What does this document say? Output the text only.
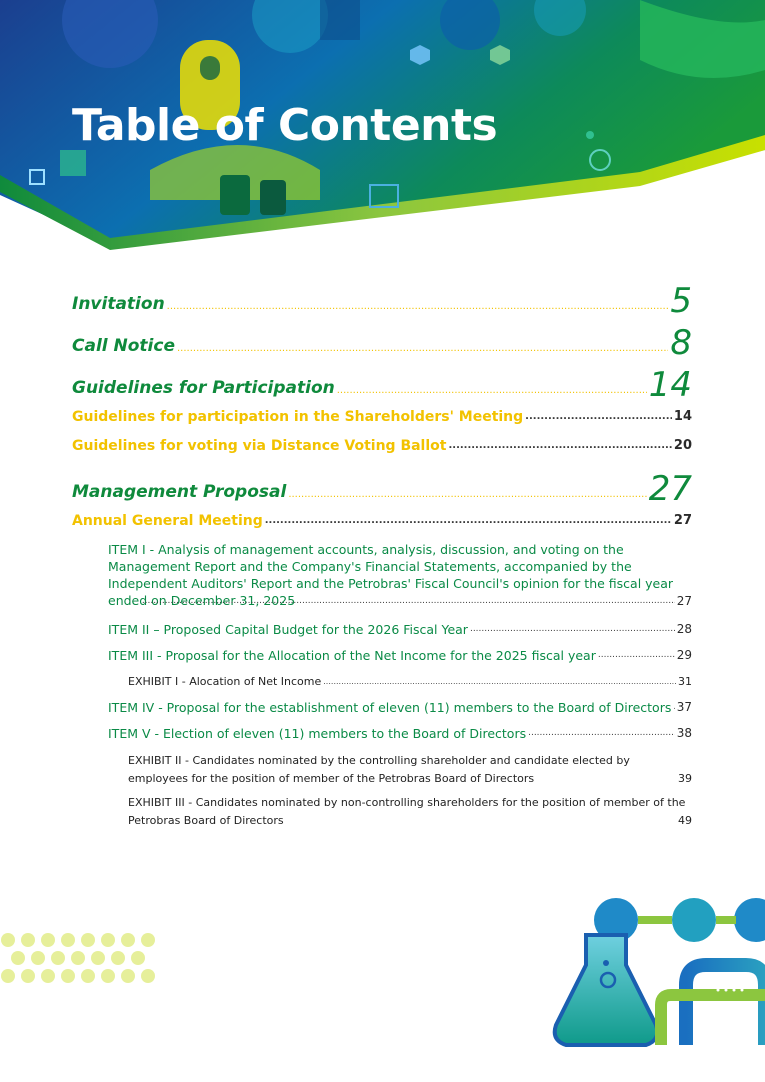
Table of Contents
Invitation .....	5
Call Notice .....	8
Guidelines for Participation .....	14
Guidelines for participation in the Shareholders' Meeting .....	14
Guidelines for voting via Distance Voting Ballot .....	20
Management Proposal .....	27
Annual General Meeting .....	27
ITEM I - Analysis of management accounts, analysis, discussion, and voting on the Management Report and the Company's Financial Statements, accompanied by the Independent Auditors' Report and the Petrobras' Fiscal Council's opinion for the fiscal year ended on December 31, 2025 .....	27
ITEM II – Proposed Capital Budget for the 2026 Fiscal Year .....	28
ITEM III - Proposal for the Allocation of the Net Income for the 2025 fiscal year .....	29
EXHIBIT I - Alocation of Net Income .....	31
ITEM IV - Proposal for the establishment of eleven (11) members to the Board of Directors ..... 37
ITEM V - Election of eleven (11) members to the Board of Directors .....	38
EXHIBIT II - Candidates nominated by the controlling shareholder and candidate elected by employees for the position of member of the Petrobras Board of Directors	39
EXHIBIT III - Candidates nominated by non-controlling shareholders for the position of member of the Petrobras Board of Directors	49
